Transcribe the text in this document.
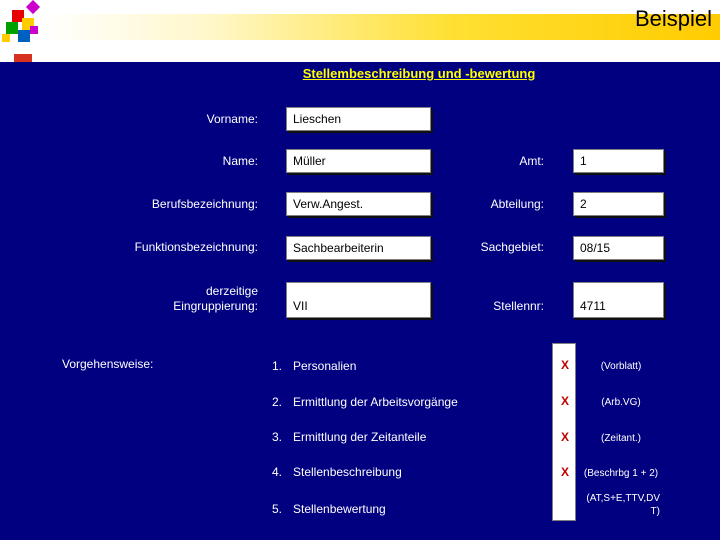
Beispiel
Stellembeschreibung und -bewertung
Vorname:
Name:
Berufsbezeichnung:
Funktionsbezeichnung:
derzeitige
Eingruppierung:
Lieschen
Müller
Verw.Angest.
Sachbearbeiterin
VII
Amt:
Abteilung:
Sachgebiet:
Stellennr:
1
2
08/15
4711
Vorgehensweise:	1. Personalien
2. Ermittlung der Arbeitsvorgänge
3. Ermittlung der Zeitanteile
4. Stellenbeschreibung
5. Stellenbewertung
X
X
X
X
(Vorblatt)
(Arb.VG)
(Zeitant.)
(Beschrbg 1 + 2)
(AT,S+E,TTV,DV
T)
